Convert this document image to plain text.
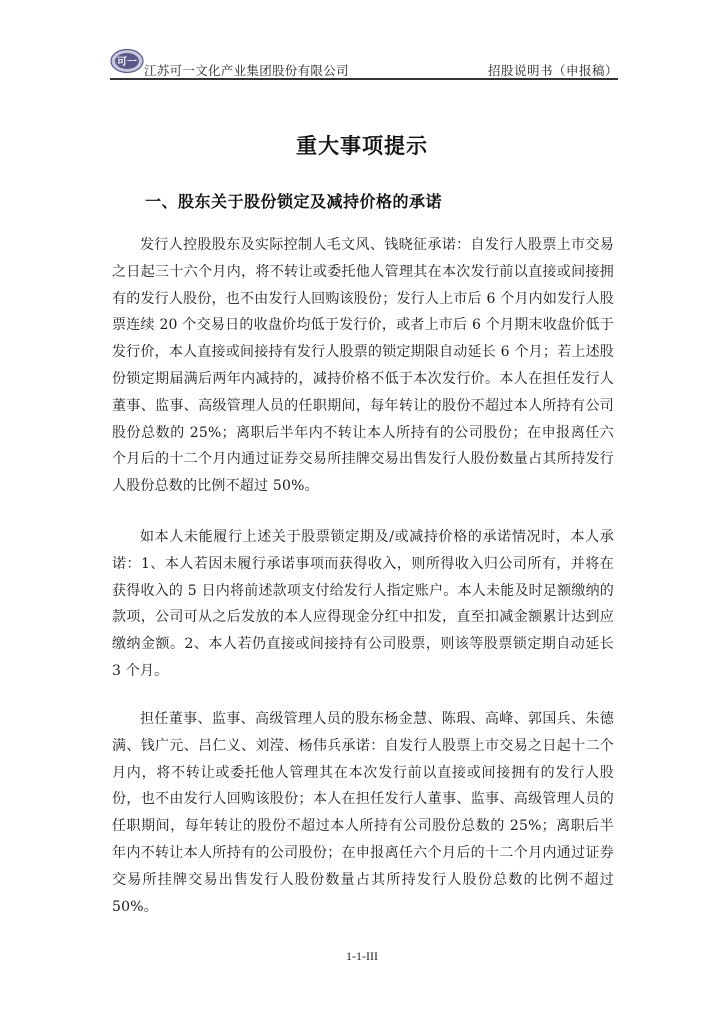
可一
江苏可一文化产业集团股份有限公司	招股说明书（申报稿）
重大事项提示
一、股东关于股份锁定及减持价格的承诺

发行人控股股东及实际控制人毛文风、钱晓征承诺：自发行人股票上市交易之日起三十六个月内，将不转让或委托他人管理其在本次发行前以直接或间接拥有的发行人股份，也不由发行人回购该股份；发行人上市后 6 个月内如发行人股票连续 20 个交易日的收盘价均低于发行价，或者上市后 6 个月期末收盘价低于发行价，本人直接或间接持有发行人股票的锁定期限自动延长 6 个月；若上述股份锁定期届满后两年内减持的，减持价格不低于本次发行价。本人在担任发行人董事、监事、高级管理人员的任职期间，每年转让的股份不超过本人所持有公司股份总数的 25%；离职后半年内不转让本人所持有的公司股份；在申报离任六个月后的十二个月内通过证券交易所挂牌交易出售发行人股份数量占其所持发行人股份总数的比例不超过 50%。

如本人未能履行上述关于股票锁定期及/或减持价格的承诺情况时，本人承诺：1、本人若因未履行承诺事项而获得收入，则所得收入归公司所有，并将在获得收入的 5 日内将前述款项支付给发行人指定账户。本人未能及时足额缴纳的款项，公司可从之后发放的本人应得现金分红中扣发，直至扣减金额累计达到应缴纳金额。2、本人若仍直接或间接持有公司股票，则该等股票锁定期自动延长 3 个月。

担任董事、监事、高级管理人员的股东杨金慧、陈瑕、高峰、郭国兵、朱德满、钱广元、吕仁义、刘滢、杨伟兵承诺：自发行人股票上市交易之日起十二个月内，将不转让或委托他人管理其在本次发行前以直接或间接拥有的发行人股份，也不由发行人回购该股份；本人在担任发行人董事、监事、高级管理人员的任职期间，每年转让的股份不超过本人所持有公司股份总数的 25%；离职后半年内不转让本人所持有的公司股份；在申报离任六个月后的十二个月内通过证券交易所挂牌交易出售发行人股份数量占其所持发行人股份总数的比例不超过 50%。

1-1-III
